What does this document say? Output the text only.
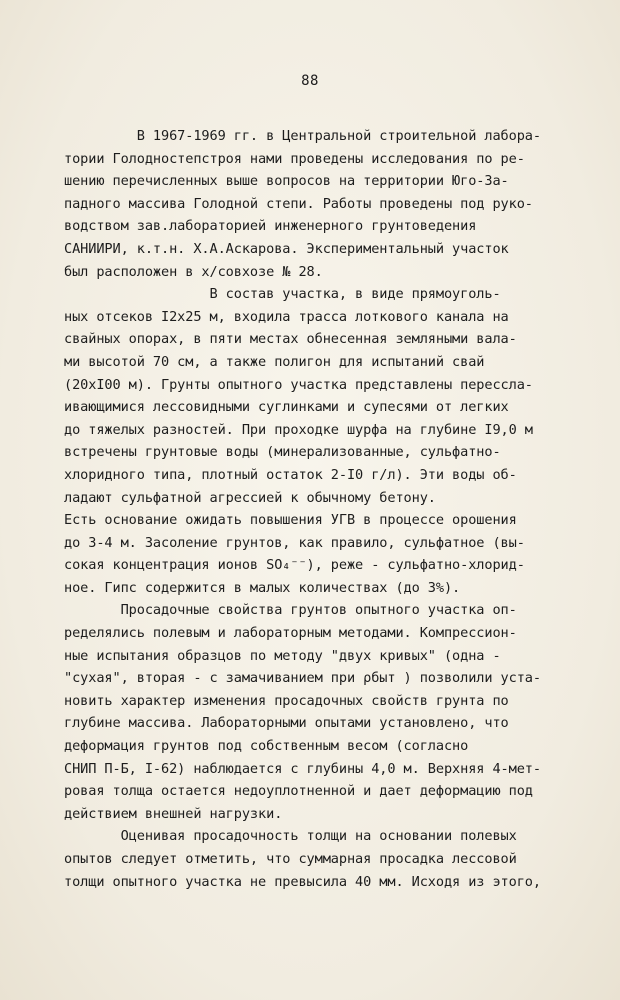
88
В 1967-1969 гг. в Центральной строительной лабора-
тории Голодностепстроя нами проведены исследования по ре-
шению перечисленных выше вопросов на территории Юго-За-
падного массива Голодной степи. Работы проведены под руко-
водством зав.лабораторией инженерного грунтоведения
САНИИРИ, к.т.н. Х.А.Аскарова. Экспериментальный участок
был расположен в х/совхозе № 28.
В состав участка, в виде прямоуголь-
ных отсеков I2х25 м, входила трасса лоткового канала на
свайных опорах, в пяти местах обнесенная земляными вала-
ми высотой 70 см, а также полигон для испытаний свай
(20хI00 м). Грунты опытного участка представлены перессла-
ивающимися лессовидными суглинками и супесями от легких
до тяжелых разностей. При проходке шурфа на глубине I9,0 м
встречены грунтовые воды (минерализованные, сульфатно-
хлоридного типа, плотный остаток 2-I0 г/л). Эти воды об-
ладают сульфатной агрессией к обычному бетону.
Есть основание ожидать повышения УГВ в процессе орошения
до 3-4 м. Засоление грунтов, как правило, сульфатное (вы-
сокая концентрация ионов SO₄⁻⁻), реже - сульфатно-хлорид-
ное. Гипс содержится в малых количествах (до 3%).
Просадочные свойства грунтов опытного участка оп-
ределялись полевым и лабораторным методами. Компрессион-
ные испытания образцов по методу "двух кривых" (одна -
"сухая", вторая - с замачиванием при ρбыт ) позволили уста-
новить характер изменения просадочных свойств грунта по
глубине массива. Лабораторными опытами установлено, что
деформация грунтов под собственным весом (согласно
СНИП П-Б, I-62) наблюдается с глубины 4,0 м. Верхняя 4-мет-
ровая толща остается недоуплотненной и дает деформацию под
действием внешней нагрузки.
Оценивая просадочность толщи на основании полевых
опытов следует отметить, что суммарная просадка лессовой
толщи опытного участка не превысила 40 мм. Исходя из этого,
